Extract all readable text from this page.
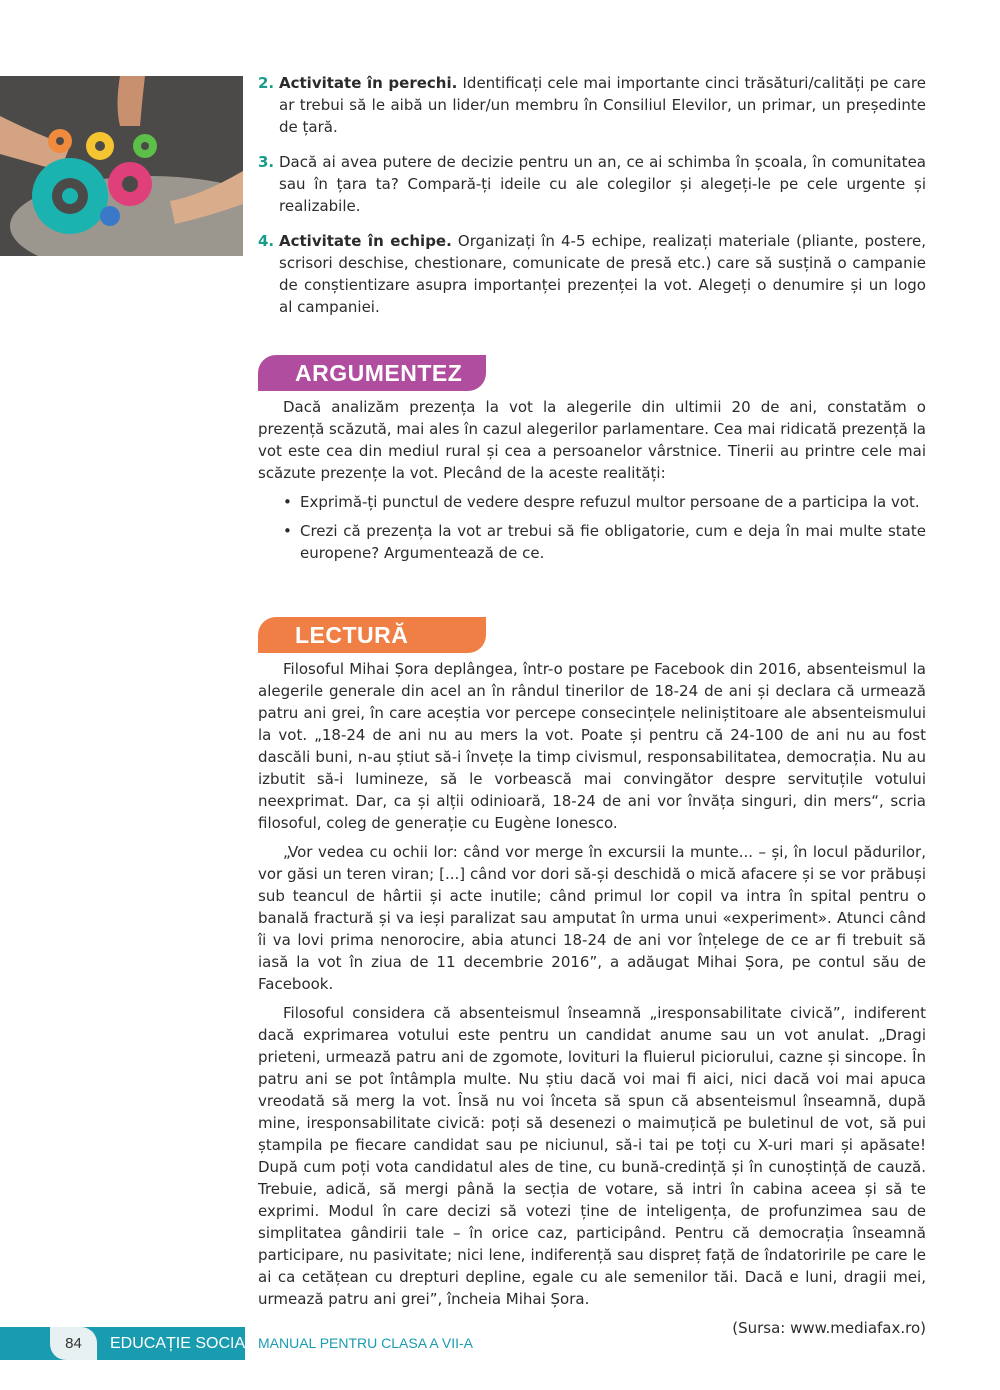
2. Activitate în perechi. Identificați cele mai importante cinci trăsături/calități pe care ar trebui să le aibă un lider/un membru în Consiliul Elevilor, un primar, un președinte de țară.
3. Dacă ai avea putere de decizie pentru un an, ce ai schimba în școala, în comunitatea sau în țara ta? Compară-ți ideile cu ale colegilor și alegeți-le pe cele urgente și realizabile.
4. Activitate în echipe. Organizați în 4-5 echipe, realizați materiale (pliante, postere, scrisori deschise, chestionare, comunicate de presă etc.) care să susțină o campanie de conștientizare asupra importanței prezenței la vot. Alegeți o denumire și un logo al campaniei.
ARGUMENTEZ

Dacă analizăm prezența la vot la alegerile din ultimii 20 de ani, constatăm o prezență scăzută, mai ales în cazul alegerilor parlamentare. Cea mai ridicată prezență la vot este cea din mediul rural și cea a persoanelor vârstnice. Tinerii au printre cele mai scăzute prezențe la vot. Plecând de la aceste realități:

• Exprimă-ți punctul de vedere despre refuzul multor persoane de a participa la vot.
• Crezi că prezența la vot ar trebui să fie obligatorie, cum e deja în mai multe state europene? Argumentează de ce.
LECTURĂ

Filosoful Mihai Șora deplângea, într-o postare pe Facebook din 2016, absenteismul la alegerile generale din acel an în rândul tinerilor de 18-24 de ani și declara că urmează patru ani grei, în care aceștia vor percepe consecințele neliniștitoare ale absenteismului la vot. „18-24 de ani nu au mers la vot. Poate și pentru că 24-100 de ani nu au fost dascăli buni, n-au știut să-i învețe la timp civismul, responsabilitatea, democrația. Nu au izbutit să-i lumineze, să le vorbească mai convingător despre servituțile votului neexprimat. Dar, ca și alții odinioară, 18-24 de ani vor învăța singuri, din mers“, scria filosoful, coleg de generație cu Eugène Ionesco.

„Vor vedea cu ochii lor: când vor merge în excursii la munte... – și, în locul pădurilor, vor găsi un teren viran; [...] când vor dori să-și deschidă o mică afacere și se vor prăbuși sub teancul de hârtii și acte inutile; când primul lor copil va intra în spital pentru o banală fractură și va ieși paralizat sau amputat în urma unui «experiment». Atunci când îi va lovi prima nenorocire, abia atunci 18-24 de ani vor înțelege de ce ar fi trebuit să iasă la vot în ziua de 11 decembrie 2016”, a adăugat Mihai Șora, pe contul său de Facebook.

Filosoful considera că absenteismul înseamnă „iresponsabilitate civică”, indiferent dacă exprimarea votului este pentru un candidat anume sau un vot anulat. „Dragi prieteni, urmează patru ani de zgomote, lovituri la fluierul piciorului, cazne și sincope. În patru ani se pot întâmpla multe. Nu știu dacă voi mai fi aici, nici dacă voi mai apuca vreodată să merg la vot. Însă nu voi înceta să spun că absenteismul înseamnă, după mine, iresponsabilitate civică: poți să desenezi o maimuțică pe buletinul de vot, să pui ștampila pe fiecare candidat sau pe niciunul, să-i tai pe toți cu X-uri mari și apăsate! După cum poți vota candidatul ales de tine, cu bună-credință și în cunoștință de cauză. Trebuie, adică, să mergi până la secția de votare, să intri în cabina aceea și să te exprimi. Modul în care decizi să votezi ține de inteligența, de profunzimea sau de simplitatea gândirii tale – în orice caz, participând. Pentru că democrația înseamnă participare, nu pasivitate; nici lene, indiferență sau dispreț față de îndatoririle pe care le ai ca cetățean cu drepturi depline, egale cu ale semenilor tăi. Dacă e luni, dragii mei, urmează patru ani grei”, încheia Mihai Șora.

(Sursa: www.mediafax.ro)
84	EDUCAȚIE SOCIALĂ
MANUAL PENTRU CLASA A VII-A
